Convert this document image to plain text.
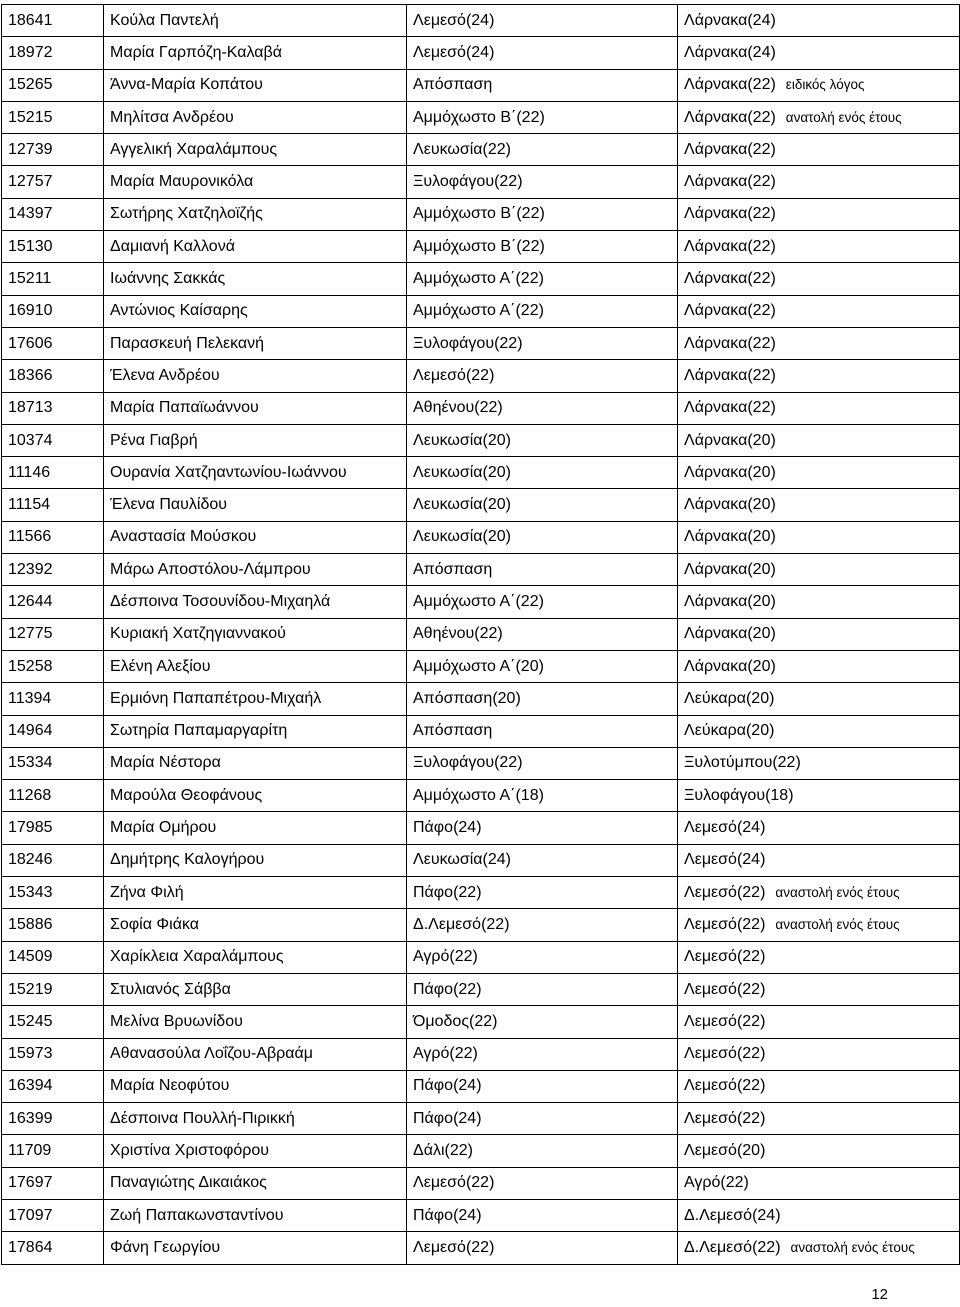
18641	Κούλα Παντελή	Λεμεσό(24)	Λάρνακα(24)
18972	Μαρία Γαρπόζη-Καλαβά	Λεμεσό(24)	Λάρνακα(24)
15265	Άννα-Μαρία Κοπάτου	Απόσπαση	Λάρνακα(22) ειδικός λόγος
15215	Μηλίτσα Ανδρέου	Αμμόχωστο Β΄(22)	Λάρνακα(22) ανατολή ενός έτους
12739	Αγγελική Χαραλάμπους	Λευκωσία(22)	Λάρνακα(22)
12757	Μαρία Μαυρονικόλα	Ξυλοφάγου(22)	Λάρνακα(22)
14397	Σωτήρης Χατζηλοϊζής	Αμμόχωστο Β΄(22)	Λάρνακα(22)
15130	Δαμιανή Καλλονά	Αμμόχωστο Β΄(22)	Λάρνακα(22)
15211	Ιωάννης Σακκάς	Αμμόχωστο Α΄(22)	Λάρνακα(22)
16910	Αντώνιος Καίσαρης	Αμμόχωστο Α΄(22)	Λάρνακα(22)
17606	Παρασκευή Πελεκανή	Ξυλοφάγου(22)	Λάρνακα(22)
18366	Έλενα Ανδρέου	Λεμεσό(22)	Λάρνακα(22)
18713	Μαρία Παπαϊωάννου	Αθηένου(22)	Λάρνακα(22)
10374	Ρένα Γιαβρή	Λευκωσία(20)	Λάρνακα(20)
11146	Ουρανία Χατζηαντωνίου-Ιωάννου	Λευκωσία(20)	Λάρνακα(20)
11154	Έλενα Παυλίδου	Λευκωσία(20)	Λάρνακα(20)
11566	Αναστασία Μούσκου	Λευκωσία(20)	Λάρνακα(20)
12392	Μάρω Αποστόλου-Λάμπρου	Απόσπαση	Λάρνακα(20)
12644	Δέσποινα Τοσουνίδου-Μιχαηλά	Αμμόχωστο Α΄(22)	Λάρνακα(20)
12775	Κυριακή Χατζηγιαννακού	Αθηένου(22)	Λάρνακα(20)
15258	Ελένη Αλεξίου	Αμμόχωστο Α΄(20)	Λάρνακα(20)
11394	Ερμιόνη Παπαπέτρου-Μιχαήλ	Απόσπαση(20)	Λεύκαρα(20)
14964	Σωτηρία Παπαμαργαρίτη	Απόσπαση	Λεύκαρα(20)
15334	Μαρία Νέστορα	Ξυλοφάγου(22)	Ξυλοτύμπου(22)
11268	Μαρούλα Θεοφάνους	Αμμόχωστο Α΄(18)	Ξυλοφάγου(18)
17985	Μαρία Ομήρου	Πάφο(24)	Λεμεσό(24)
18246	Δημήτρης Καλογήρου	Λευκωσία(24)	Λεμεσό(24)
15343	Ζήνα Φιλή	Πάφο(22)	Λεμεσό(22) αναστολή ενός έτους
15886	Σοφία Φιάκα	Δ.Λεμεσό(22)	Λεμεσό(22) αναστολή ενός έτους
14509	Χαρίκλεια Χαραλάμπους	Αγρό(22)	Λεμεσό(22)
15219	Στυλιανός Σάββα	Πάφο(22)	Λεμεσό(22)
15245	Μελίνα Βρυωνίδου	Όμοδος(22)	Λεμεσό(22)
15973	Αθανασούλα Λοΐζου-Αβραάμ	Αγρό(22)	Λεμεσό(22)
16394	Μαρία Νεοφύτου	Πάφο(24)	Λεμεσό(22)
16399	Δέσποινα Πουλλή-Πιρικκή	Πάφο(24)	Λεμεσό(22)
11709	Χριστίνα Χριστοφόρου	Δάλι(22)	Λεμεσό(20)
17697	Παναγιώτης Δικαιάκος	Λεμεσό(22)	Αγρό(22)
17097	Ζωή Παπακωνσταντίνου	Πάφο(24)	Δ.Λεμεσό(24)
17864	Φάνη Γεωργίου	Λεμεσό(22)	Δ.Λεμεσό(22) αναστολή ενός έτους
12
